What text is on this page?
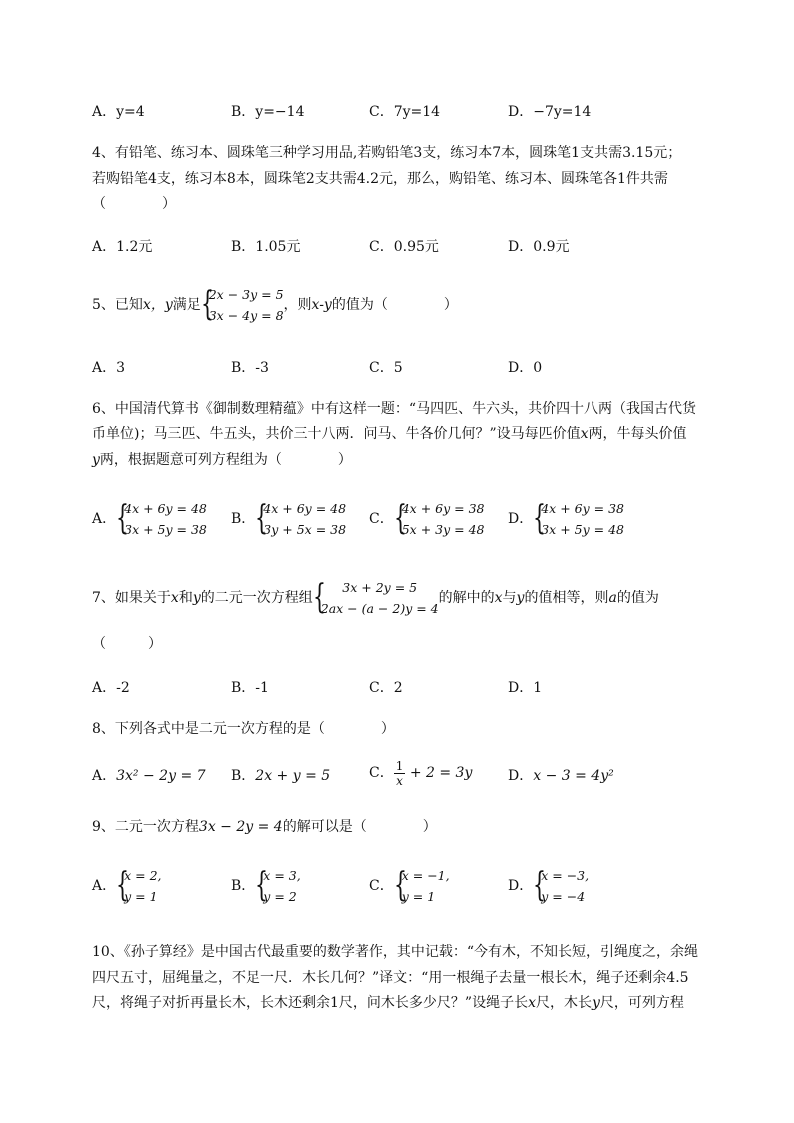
A．y=4	B．y=−14	C．7y=14	D．−7y=14
4、有铅笔、练习本、圆珠笔三种学习用品,若购铅笔3支，练习本7本，圆珠笔1支共需3.15元；
若购铅笔4支，练习本8本，圆珠笔2支共需4.2元，那么，购铅笔、练习本、圆珠笔各1件共需
（　　　　）
A．1.2元	B．1.05元	C．0.95元	D．0.9元
5、已知x，y满足 {
2x − 3y = 5
3x − 4y = 8
，则x-y的值为（　　　　）
A．3	B．-3	C．5	D．0
6、中国清代算书《御制数理精蕴》中有这样一题：“马四匹、牛六头，共价四十八两（我国古代货
币单位)；马三匹、牛五头，共价三十八两．问马、牛各价几何？”设马每匹价值x两，牛每头价值
y两，根据题意可列方程组为（　　　　）
A． {
4x + 6y = 48
3x + 5y = 38
B． {
4x + 6y = 48
3y + 5x = 38
C． {
4x + 6y = 38
5x + 3y = 48
D． {
4x + 6y = 38
3x + 5y = 48
7、如果关于x和y的二元一次方程组 {	3x + 2y = 5
2ax − (a − 2)y = 4
的解中的x与y的值相等，则a的值为
（　　　）
A．-2	B．-1	C．2	D．1
8、下列各式中是二元一次方程的是（　　　　）
A．3x² − 2y = 7 B．2x + y = 5	C． $\frac{1}{x} + 2 = 3y$	D．x − 3 = 4y²
9、二元一次方程3x − 2y = 4的解可以是（　　　　）
A． {
x = 2,
y = 1
B． {
x = 3,
y = 2
C． {
x = −1,
y = 1
D． {
x = −3,
y = −4
10、《孙子算经》是中国古代最重要的数学著作，其中记载：“今有木，不知长短，引绳度之，余绳
四尺五寸，屈绳量之，不足一尺．木长几何？”译文：“用一根绳子去量一根长木，绳子还剩余4.5
尺，将绳子对折再量长木，长木还剩余1尺，问木长多少尺？”设绳子长x尺，木长y尺，可列方程
